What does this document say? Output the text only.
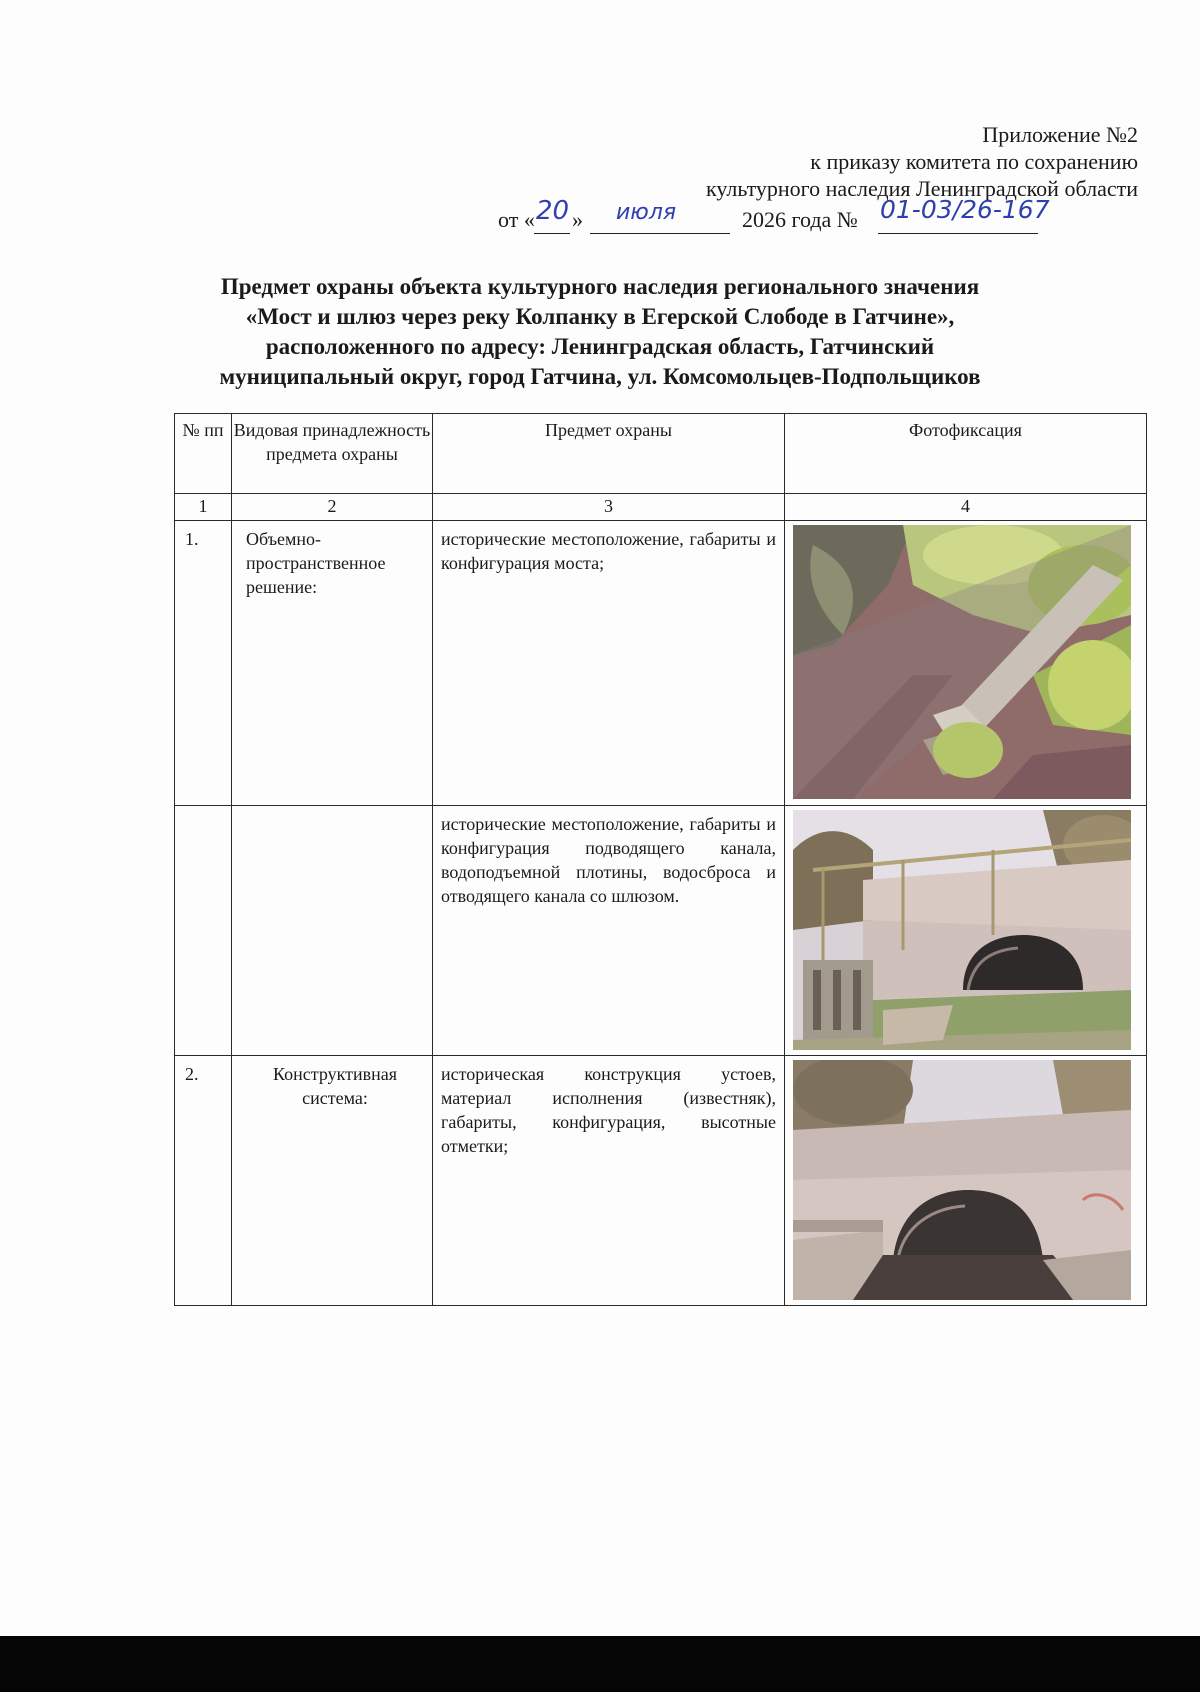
Приложение №2
к приказу комитета по сохранению
культурного наследия Ленинградской области
от « 20 » июля	2026 года № 01-03/26-167
Предмет охраны объекта культурного наследия регионального значения
«Мост и шлюз через реку Колпанку в Егерской Слободе в Гатчине»,
расположенного по адресу: Ленинградская область, Гатчинский
муниципальный округ, город Гатчина, ул. Комсомольцев-Подпольщиков
№ пп	Видовая принадлежность предмета охраны	Предмет охраны	Фотофиксация
1	2	3	4
1.	Объемно-пространственное решение:	исторические местоположение, габариты и конфигурация моста;	

		исторические местоположение, габариты и конфигурация подводящего канала, водоподъемной плотины, водосброса и отводящего канала со шлюзом.	

2.	Конструктивная система:	историческая конструкция устоев, материал исполнения (известняк), габариты, конфигурация, высотные отметки;	
